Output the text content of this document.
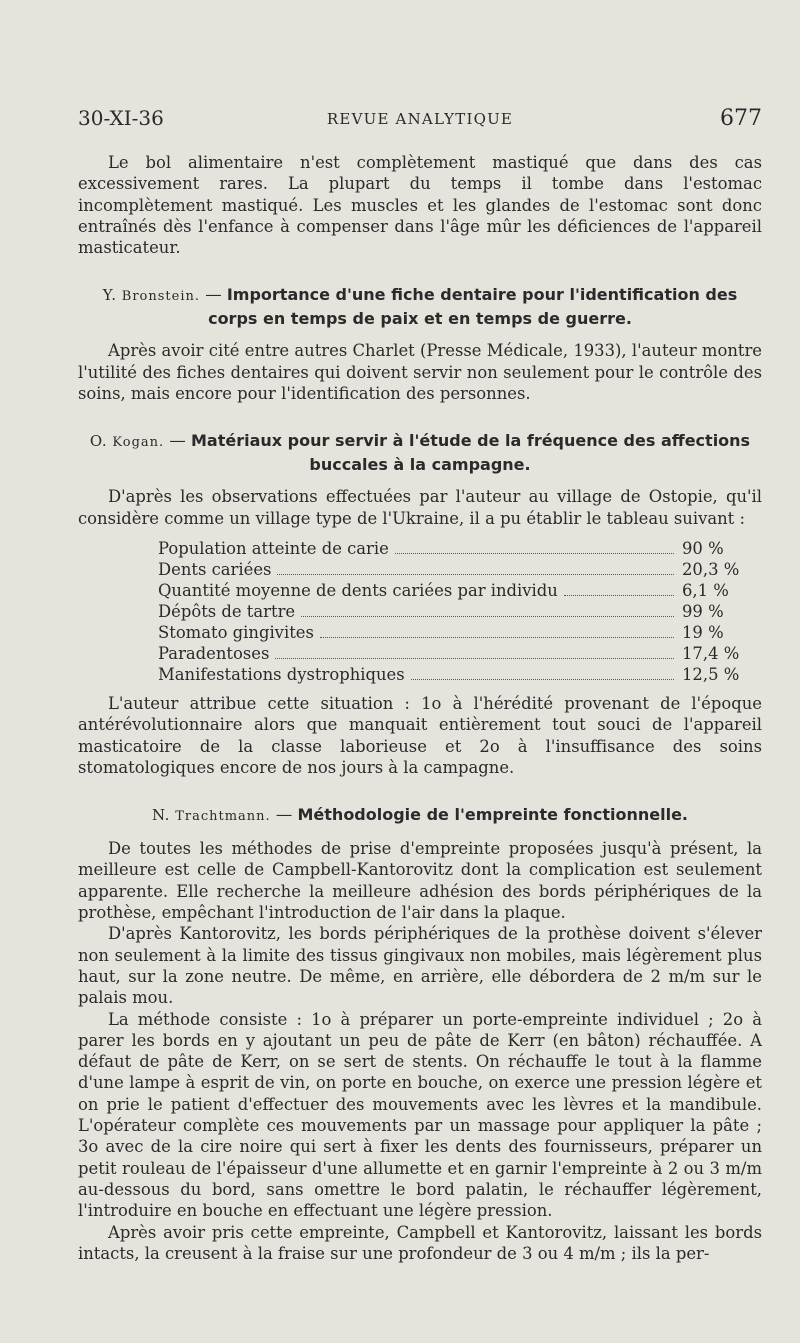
30-XI-36	REVUE ANALYTIQUE	677

Le bol alimentaire n'est complètement mastiqué que dans des cas excessivement rares. La plupart du temps il tombe dans l'estomac incomplètement mastiqué. Les muscles et les glandes de l'estomac sont donc entraînés dès l'enfance à compenser dans l'âge mûr les déficiences de l'appareil masticateur.

Y. Bronstein. — Importance d'une fiche dentaire pour l'identification des corps en temps de paix et en temps de guerre.

Après avoir cité entre autres Charlet (Presse Médicale, 1933), l'auteur montre l'utilité des fiches dentaires qui doivent servir non seulement pour le contrôle des soins, mais encore pour l'identification des personnes.

O. Kogan. — Matériaux pour servir à l'étude de la fréquence des affections buccales à la campagne.

D'après les observations effectuées par l'auteur au village de Ostopie, qu'il considère comme un village type de l'Ukraine, il a pu établir le tableau suivant :

Population atteinte de carie	90 %
Dents cariées	20,3 %
Quantité moyenne de dents cariées par individu	6,1 %
Dépôts de tartre	99 %
Stomato gingivites	19 %
Paradentoses	17,4 %
Manifestations dystrophiques	12,5 %

L'auteur attribue cette situation : 1o à l'hérédité provenant de l'époque antérévolutionnaire alors que manquait entièrement tout souci de l'appareil masticatoire de la classe laborieuse et 2o à l'insuffisance des soins stomatologiques encore de nos jours à la campagne.

N. Trachtmann. — Méthodologie de l'empreinte fonctionnelle.

De toutes les méthodes de prise d'empreinte proposées jusqu'à présent, la meilleure est celle de Campbell-Kantorovitz dont la complication est seulement apparente. Elle recherche la meilleure adhésion des bords périphériques de la prothèse, empêchant l'introduction de l'air dans la plaque.

D'après Kantorovitz, les bords périphériques de la prothèse doivent s'élever non seulement à la limite des tissus gingivaux non mobiles, mais légèrement plus haut, sur la zone neutre. De même, en arrière, elle débordera de 2 m/m sur le palais mou.

La méthode consiste : 1o à préparer un porte-empreinte individuel ; 2o à parer les bords en y ajoutant un peu de pâte de Kerr (en bâton) réchauffée. A défaut de pâte de Kerr, on se sert de stents. On réchauffe le tout à la flamme d'une lampe à esprit de vin, on porte en bouche, on exerce une pression légère et on prie le patient d'effectuer des mouvements avec les lèvres et la mandibule. L'opérateur complète ces mouvements par un massage pour appliquer la pâte ; 3o avec de la cire noire qui sert à fixer les dents des fournisseurs, préparer un petit rouleau de l'épaisseur d'une allumette et en garnir l'empreinte à 2 ou 3 m/m au-dessous du bord, sans omettre le bord palatin, le réchauffer légèrement, l'introduire en bouche en effectuant une légère pression.

Après avoir pris cette empreinte, Campbell et Kantorovitz, laissant les bords intacts, la creusent à la fraise sur une profondeur de 3 ou 4 m/m ; ils la per-
